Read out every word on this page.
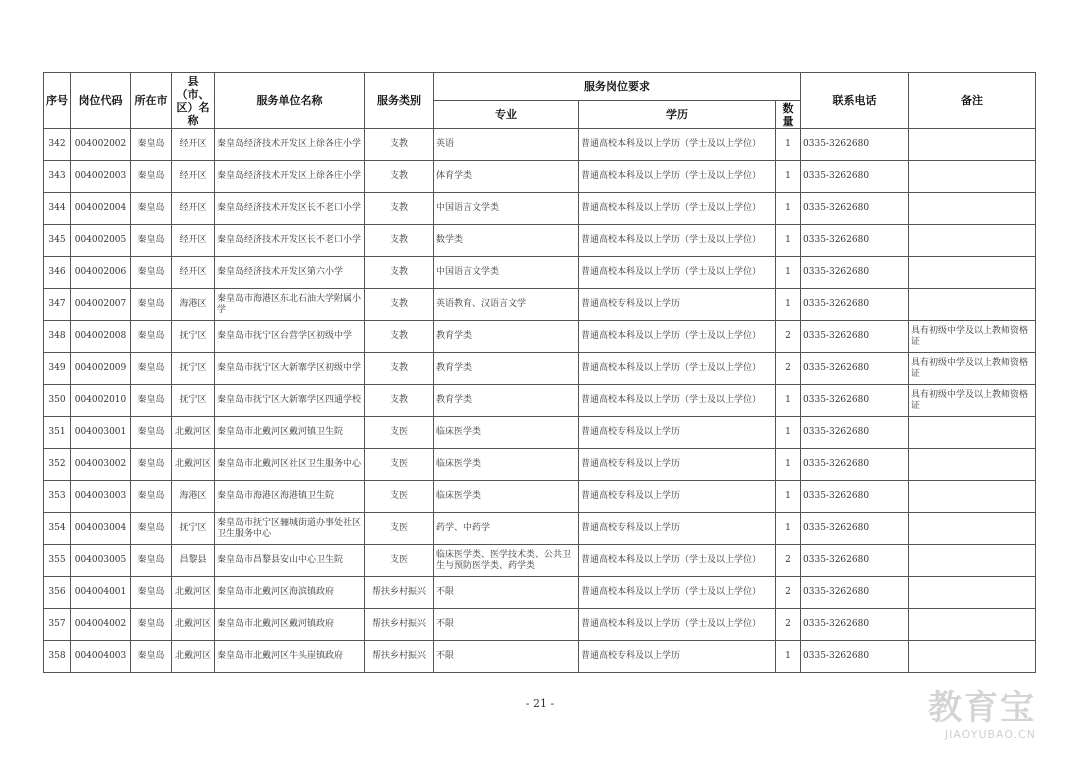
序号	岗位代码	所在市	县（市、区）名称	服务单位名称	服务类别	服务岗位要求			联系电话	备注
						专业	学历	数量		
342	004002002	秦皇岛	经开区	秦皇岛经济技术开发区上徐各庄小学	支教	英语	普通高校本科及以上学历（学士及以上学位）	1	0335-3262680	
343	004002003	秦皇岛	经开区	秦皇岛经济技术开发区上徐各庄小学	支教	体育学类	普通高校本科及以上学历（学士及以上学位）	1	0335-3262680	
344	004002004	秦皇岛	经开区	秦皇岛经济技术开发区长不老口小学	支教	中国语言文学类	普通高校本科及以上学历（学士及以上学位）	1	0335-3262680	
345	004002005	秦皇岛	经开区	秦皇岛经济技术开发区长不老口小学	支教	数学类	普通高校本科及以上学历（学士及以上学位）	1	0335-3262680	
346	004002006	秦皇岛	经开区	秦皇岛经济技术开发区第六小学	支教	中国语言文学类	普通高校本科及以上学历（学士及以上学位）	1	0335-3262680	
347	004002007	秦皇岛	海港区	秦皇岛市海港区东北石油大学附属小学	支教	英语教育、汉语言文学	普通高校专科及以上学历	1	0335-3262680	
348	004002008	秦皇岛	抚宁区	秦皇岛市抚宁区台营学区初级中学	支教	教育学类	普通高校本科及以上学历（学士及以上学位）	2	0335-3262680	具有初级中学及以上教师资格证
349	004002009	秦皇岛	抚宁区	秦皇岛市抚宁区大新寨学区初级中学	支教	教育学类	普通高校本科及以上学历（学士及以上学位）	2	0335-3262680	具有初级中学及以上教师资格证
350	004002010	秦皇岛	抚宁区	秦皇岛市抚宁区大新寨学区四通学校	支教	教育学类	普通高校本科及以上学历（学士及以上学位）	1	0335-3262680	具有初级中学及以上教师资格证
351	004003001	秦皇岛	北戴河区	秦皇岛市北戴河区戴河镇卫生院	支医	临床医学类	普通高校专科及以上学历	1	0335-3262680	
352	004003002	秦皇岛	北戴河区	秦皇岛市北戴河区社区卫生服务中心	支医	临床医学类	普通高校专科及以上学历	1	0335-3262680	
353	004003003	秦皇岛	海港区	秦皇岛市海港区海港镇卫生院	支医	临床医学类	普通高校专科及以上学历	1	0335-3262680	
354	004003004	秦皇岛	抚宁区	秦皇岛市抚宁区骊城街道办事处社区卫生服务中心	支医	药学、中药学	普通高校专科及以上学历	1	0335-3262680	
355	004003005	秦皇岛	昌黎县	秦皇岛市昌黎县安山中心卫生院	支医	临床医学类、医学技术类、公共卫生与预防医学类、药学类	普通高校本科及以上学历（学士及以上学位）	2	0335-3262680	
356	004004001	秦皇岛	北戴河区	秦皇岛市北戴河区海滨镇政府	帮扶乡村振兴	不限	普通高校本科及以上学历（学士及以上学位）	2	0335-3262680	
357	004004002	秦皇岛	北戴河区	秦皇岛市北戴河区戴河镇政府	帮扶乡村振兴	不限	普通高校本科及以上学历（学士及以上学位）	2	0335-3262680	
358	004004003	秦皇岛	北戴河区	秦皇岛市北戴河区牛头崖镇政府	帮扶乡村振兴	不限	普通高校专科及以上学历	1	0335-3262680	
- 21 -	教育宝
JIAOYUBAO.CN
